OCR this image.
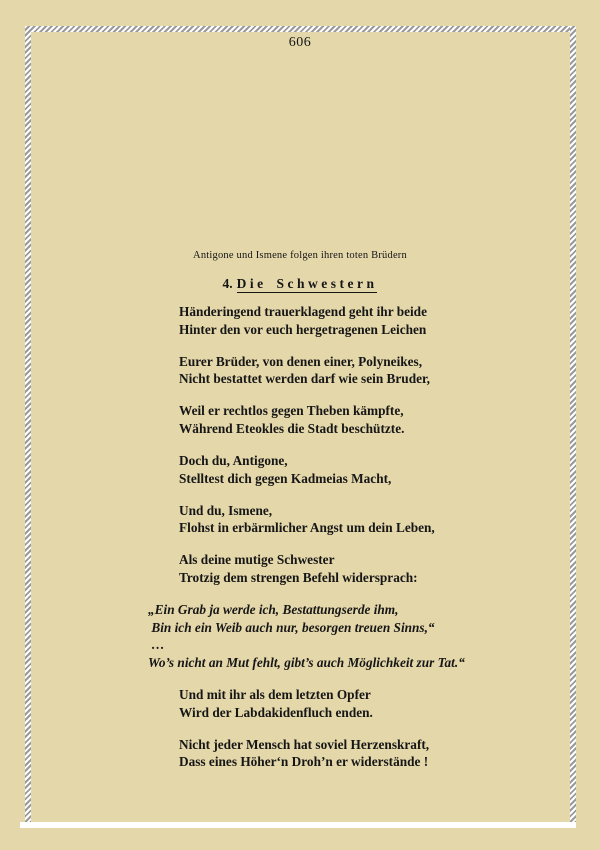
606
Antigone und Ismene folgen ihren toten Brüdern
4. Die Schwestern
Händeringend trauerklagend geht ihr beide
Hinter den vor euch hergetragenen Leichen
Eurer Brüder, von denen einer, Polyneikes,
Nicht bestattet werden darf wie sein Bruder,
Weil er rechtlos gegen Theben kämpfte,
Während Eteokles die Stadt beschützte.
Doch du, Antigone,
Stelltest dich gegen Kadmeias Macht,
Und du, Ismene,
Flohst in erbärmlicher Angst um dein Leben,
Als deine mutige Schwester
Trotzig dem strengen Befehl widersprach:
„Ein Grab ja werde ich, Bestattungserde ihm,
Bin ich ein Weib auch nur, besorgen treuen Sinns,“
…
Wo’s nicht an Mut fehlt, gibt’s auch Möglichkeit zur Tat.“
Und mit ihr als dem letzten Opfer
Wird der Labdakidenfluch enden.
Nicht jeder Mensch hat soviel Herzenskraft,
Dass eines Höher‘n Droh’n er widerstände !
